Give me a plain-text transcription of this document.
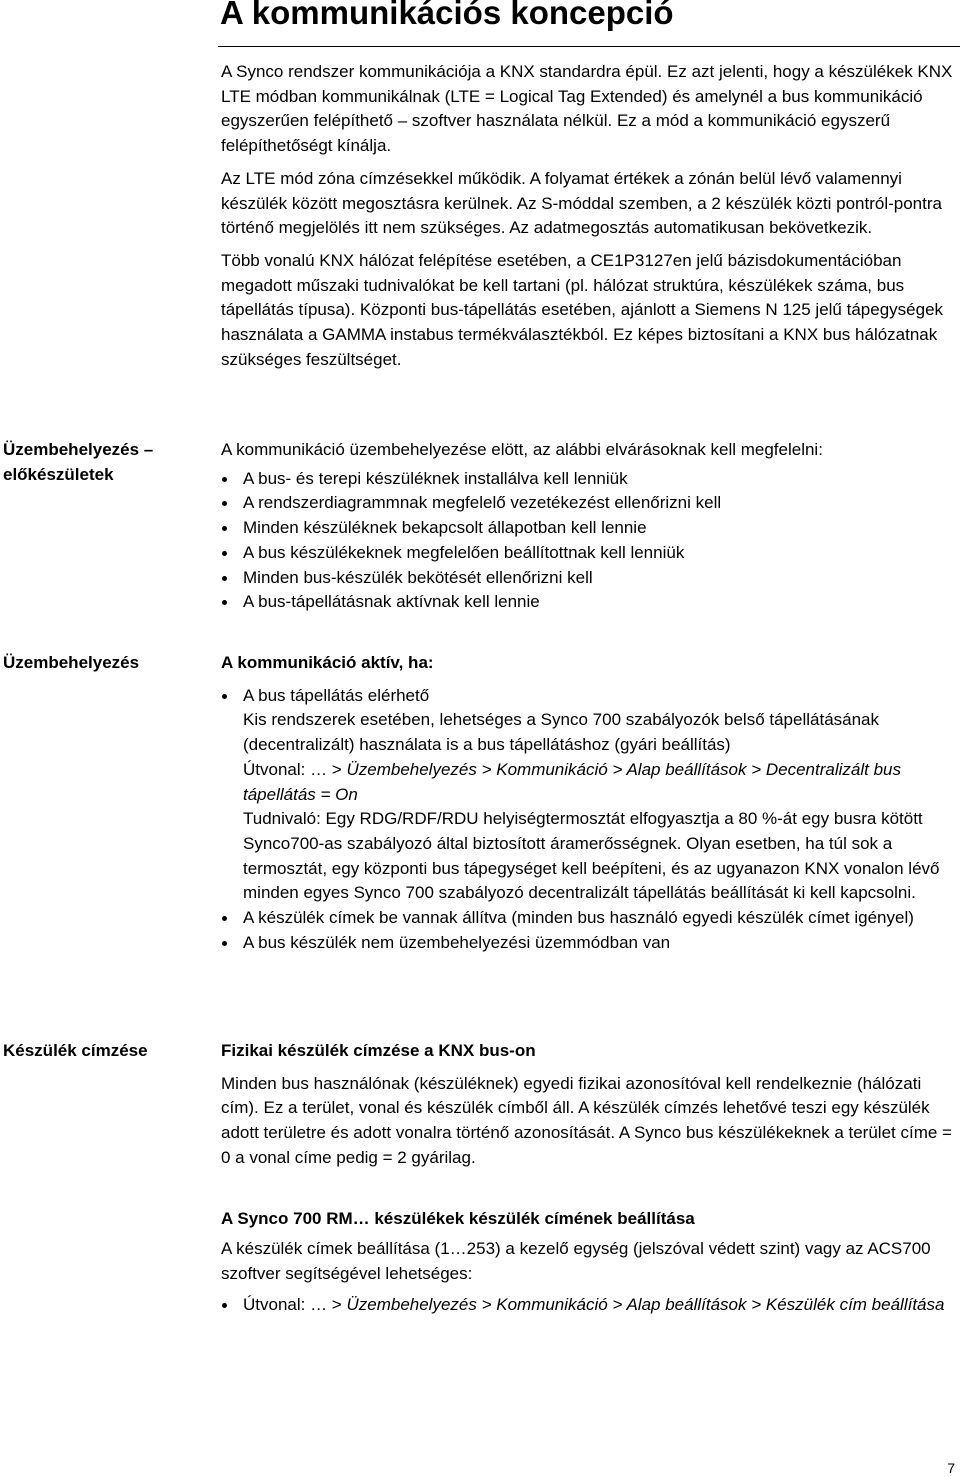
A kommunikációs koncepció

A Synco rendszer kommunikációja a KNX standardra épül. Ez azt jelenti, hogy a készülékek KNX LTE módban kommunikálnak (LTE = Logical Tag Extended) és amelynél a bus kommunikáció egyszerűen felépíthető – szoftver használata nélkül. Ez a mód a kommunikáció egyszerű felépíthetőségt kínálja.

Az LTE mód zóna címzésekkel működik. A folyamat értékek a zónán belül lévő valamennyi készülék között megosztásra kerülnek. Az S-móddal szemben, a 2 készülék közti pontról-pontra történő megjelölés itt nem szükséges. Az adatmegosztás automatikusan bekövetkezik.

Több vonalú KNX hálózat felépítése esetében, a CE1P3127en jelű bázisdokumentációban megadott műszaki tudnivalókat be kell tartani (pl. hálózat struktúra, készülékek száma, bus tápellátás típusa). Központi bus-tápellátás esetében, ajánlott a Siemens N 125 jelű tápegységek használata a GAMMA instabus termékválasztékból. Ez képes biztosítani a KNX bus hálózatnak szükséges feszültséget.

Üzembehelyezés –
előkészületek

A kommunikáció üzembehelyezése elött, az alábbi elvárásoknak kell megfelelni:

A bus- és terepi készüléknek installálva kell lenniük
A rendszerdiagrammnak megfelelő vezetékezést ellenőrizni kell
Minden készüléknek bekapcsolt állapotban kell lennie
A bus készülékeknek megfelelően beállítottnak kell lenniük
Minden bus-készülék bekötését ellenőrizni kell
A bus-tápellátásnak aktívnak kell lennie
Üzembehelyezés	A kommunikáció aktív, ha:

A bus tápellátás elérhető
Kis rendszerek esetében, lehetséges a Synco 700 szabályozók belső tápellátásának (decentralizált) használata is a bus tápellátáshoz (gyári beállítás)
Útvonal: … > Üzembehelyezés > Kommunikáció > Alap beállítások > Decentralizált bus tápellátás = On
Tudnivaló: Egy RDG/RDF/RDU helyiségtermosztát elfogyasztja a 80 %-át egy busra kötött Synco700-as szabályozó által biztosított áramerősségnek. Olyan esetben, ha túl sok a termosztát, egy központi bus tápegységet kell beépíteni, és az ugyanazon KNX vonalon lévő minden egyes Synco 700 szabályozó decentralizált tápellátás beállítását ki kell kapcsolni.
A készülék címek be vannak állítva (minden bus használó egyedi készülék címet igényel)
A bus készülék nem üzembehelyezési üzemmódban van
Készülék címzése	Fizikai készülék címzése a KNX bus-on

Minden bus használónak (készüléknek) egyedi fizikai azonosítóval kell rendelkeznie (hálózati cím). Ez a terület, vonal és készülék címből áll. A készülék címzés lehetővé teszi egy készülék adott területre és adott vonalra történő azonosítását. A Synco bus készülékeknek a terület címe = 0 a vonal címe pedig = 2 gyárilag.

A Synco 700 RM… készülékek készülék címének beállítása

A készülék címek beállítása (1…253) a kezelő egység (jelszóval védett szint) vagy az ACS700 szoftver segítségével lehetséges:

Útvonal: … > Üzembehelyezés > Kommunikáció > Alap beállítások > Készülék cím beállítása
7
